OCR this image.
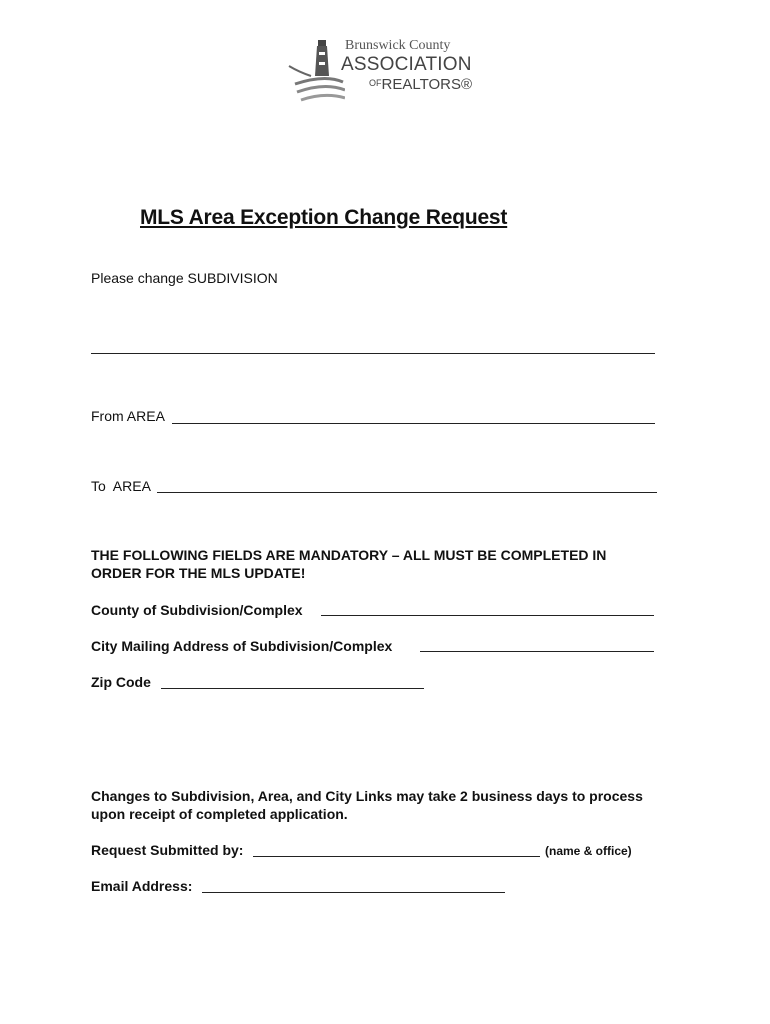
Brunswick County
ASSOCIATION
$^{OF}$REALTORS®
MLS Area Exception Change Request
Please change SUBDIVISION
From AREA
To  AREA
THE FOLLOWING FIELDS ARE MANDATORY – ALL MUST BE COMPLETED IN
ORDER FOR THE MLS UPDATE!
County of Subdivision/Complex
City Mailing Address of Subdivision/Complex
Zip Code
Changes to Subdivision, Area, and City Links may take 2 business days to process
upon receipt of completed application.
Request Submitted by:	(name & office)
Email Address:
